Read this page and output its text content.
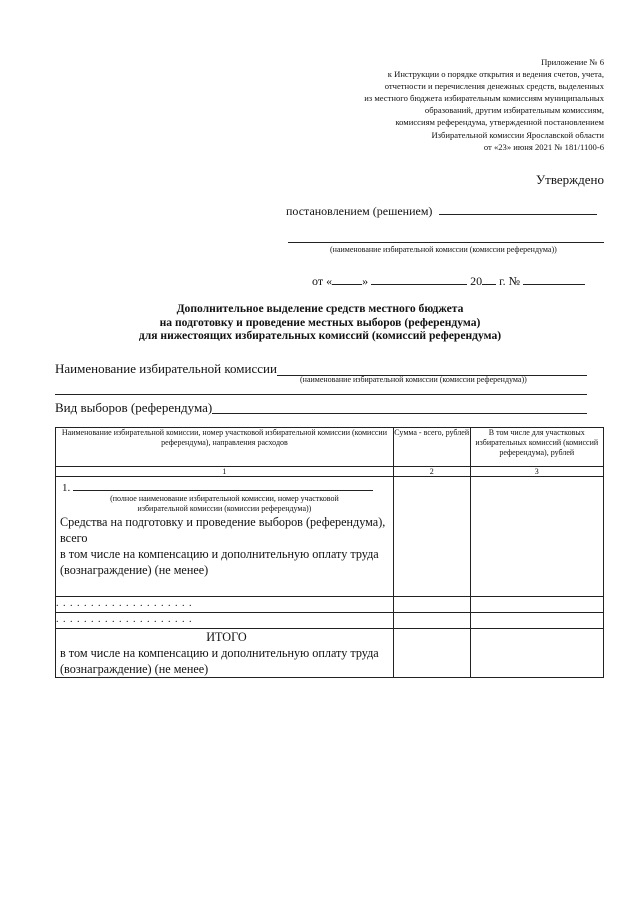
Приложение № 6
к Инструкции о порядке открытия и ведения счетов, учета,
отчетности и перечисления денежных средств, выделенных
из местного бюджета избирательным комиссиям муниципальных
образований, другим избирательным комиссиям,
комиссиям референдума, утвержденной постановлением
Избирательной комиссии Ярославской области
от «23» июня 2021 № 181/1100-6
Утверждено
постановлением (решением)
(наименование избирательной комиссии (комиссии референдума))
от «	»	20 г. №
Дополнительное выделение средств местного бюджета
на подготовку и проведение местных выборов (референдума)
для нижестоящих избирательных комиссий (комиссий референдума)
Наименование избирательной комиссии
(наименование избирательной комиссии (комиссии референдума))
Вид выборов (референдума)
Наименование избирательной комиссии, номер участковой избирательной комиссии (комиссии референдума), направления расходов	Сумма - всего, рублей	В том числе для участковых избирательных комиссий (комиссий референдума), рублей
1	2	3

1.
(полное наименование избирательной комиссии, номер участковой избирательной комиссии (комиссии референдума))
Средства на подготовку и проведение выборов (референдума), всего
в том числе на компенсацию и дополнительную оплату труда (вознаграждение) (не менее)		

. . . . . . . . . . . . . . . . . . . .		
. . . . . . . . . . . . . . . . . . . .		

ИТОГО
в том числе на компенсацию и дополнительную оплату труда (вознаграждение) (не менее)		
